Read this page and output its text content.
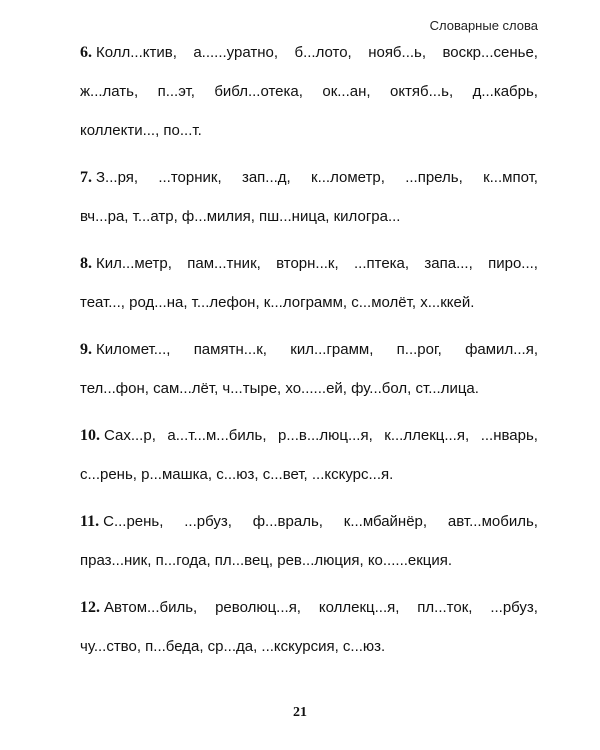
Словарные слова
6. Колл...ктив, а......уратно, б...лото, нояб...ь, воскр...сенье,
ж...лать, п...эт, библ...отека, ок...ан, октяб...ь, д...кабрь,
коллекти..., по...т.
7. З...ря, ...торник, зап...д, к...лометр, ...прель, к...мпот,
вч...ра, т...атр, ф...милия, пш...ница, килогра...
8. Кил...метр, пам...тник, вторн...к, ...птека, запа..., пиро...,
теат..., род...на, т...лефон, к...лограмм, с...молёт, х...ккей.
9. Километ..., памятн...к, кил...грамм, п...рог, фамил...я,
тел...фон, сам...лёт, ч...тыре, хо......ей, фу...бол, ст...лица.
10. Сах...р, а...т...м...биль, р...в...люц...я, к...ллекц...я, ...нварь,
с...рень, р...машка, с...юз, с...вет, ...кскурс...я.
11. С...рень, ...рбуз, ф...враль, к...мбайнёр, авт...мобиль,
праз...ник, п...года, пл...вец, рев...люция, ко......екция.
12. Автом...биль, революц...я, коллекц...я, пл...ток, ...рбуз,
чу...ство, п...беда, ср...да, ...кскурсия, с...юз.
21
